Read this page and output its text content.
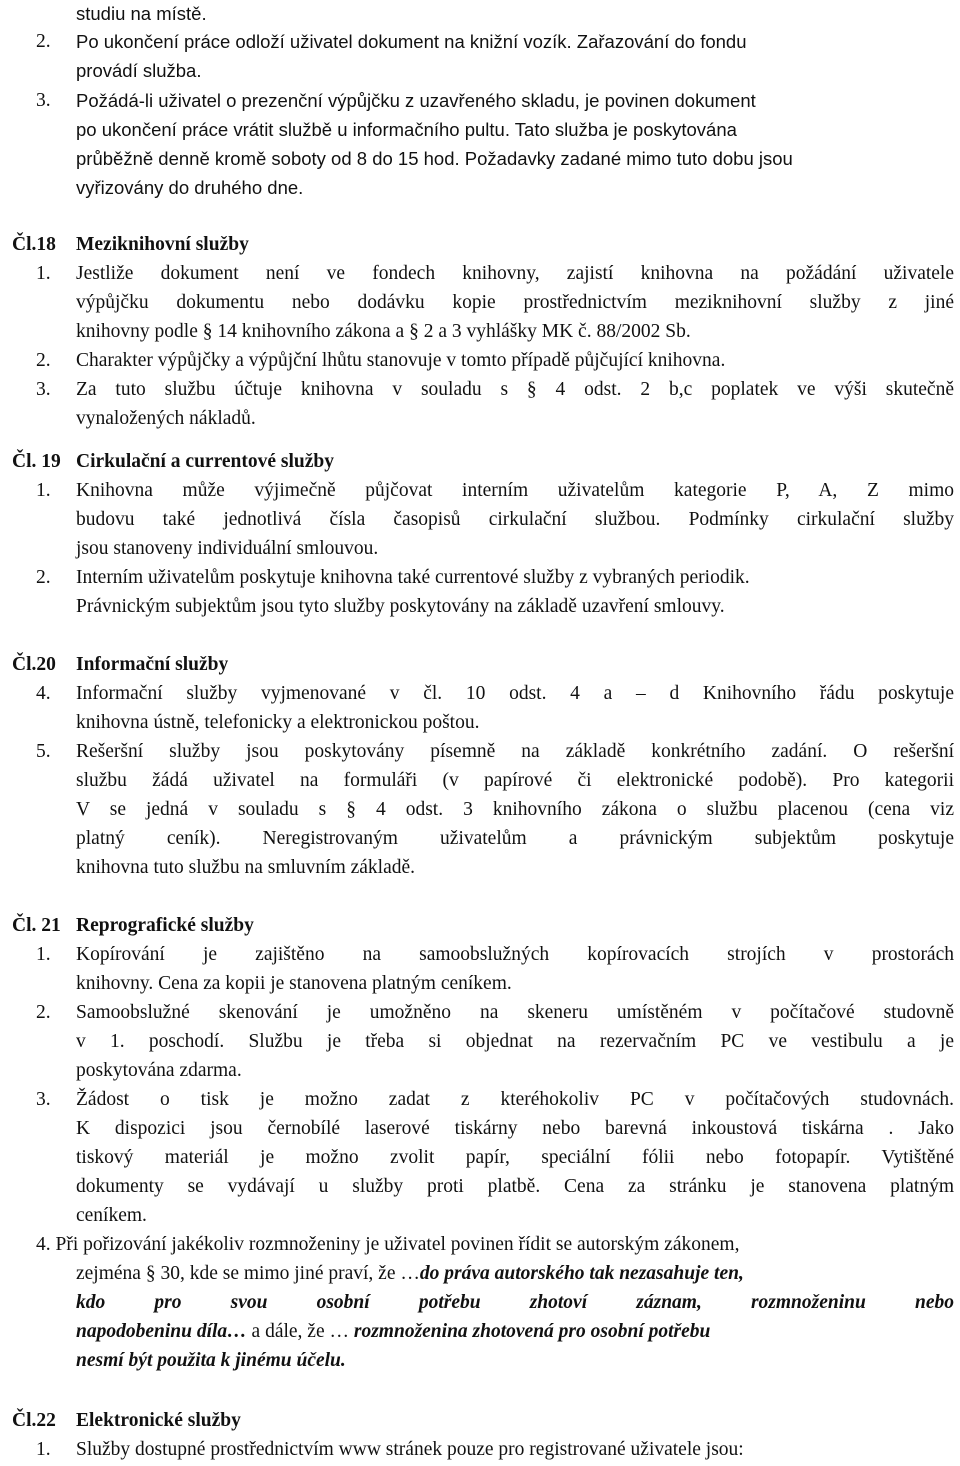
studiu na místě.
2. Po ukončení práce odloží uživatel dokument na knižní vozík. Zařazování do fondu
provádí služba.
3. Požádá-li uživatel o prezenční výpůjčku z uzavřeného skladu, je povinen dokument
po ukončení práce vrátit službě u informačního pultu. Tato služba je poskytována
průběžně denně kromě soboty od 8 do 15 hod. Požadavky zadané mimo tuto dobu jsou
vyřizovány do druhého dne.
Čl.18 Meziknihovní služby
1. Jestliže dokument není ve fondech knihovny, zajistí knihovna na požádání uživatele
výpůjčku dokumentu nebo dodávku kopie prostřednictvím meziknihovní služby z jiné
knihovny podle § 14 knihovního zákona a § 2 a 3 vyhlášky MK č. 88/2002 Sb.
2. Charakter výpůjčky a výpůjční lhůtu stanovuje v tomto případě půjčující knihovna.
3. Za tuto službu účtuje knihovna v souladu s § 4 odst. 2 b,c poplatek ve výši skutečně
vynaložených nákladů.
Čl. 19 Cirkulační a currentové služby
1. Knihovna může výjimečně půjčovat interním uživatelům kategorie P, A, Z mimo
budovu také jednotlivá čísla časopisů cirkulační službou. Podmínky cirkulační služby
jsou stanoveny individuální smlouvou.
2. Interním uživatelům poskytuje knihovna také currentové služby z vybraných periodik.
Právnickým subjektům jsou tyto služby poskytovány na základě uzavření smlouvy.
Čl.20 Informační služby
4. Informační služby vyjmenované v čl. 10 odst. 4 a – d Knihovního řádu poskytuje
knihovna ústně, telefonicky a elektronickou poštou.
5. Rešeršní služby jsou poskytovány písemně na základě konkrétního zadání. O rešeršní
službu žádá uživatel na formuláři (v papírové či elektronické podobě). Pro kategorii
V se jedná v souladu s § 4 odst. 3 knihovního zákona o službu placenou (cena viz
platný ceník). Neregistrovaným uživatelům a právnickým subjektům poskytuje
knihovna tuto službu na smluvním základě.
Čl. 21 Reprografické služby
1. Kopírování je zajištěno na samoobslužných kopírovacích strojích v prostorách
knihovny. Cena za kopii je stanovena platným ceníkem.
2. Samoobslužné skenování je umožněno na skeneru umístěném v počítačové studovně
v 1. poschodí. Službu je třeba si objednat na rezervačním PC ve vestibulu a je
poskytována zdarma.
3. Žádost o tisk je možno zadat z kteréhokoliv PC v počítačových studovnách.
K dispozici jsou černobílé laserové tiskárny nebo barevná inkoustová tiskárna . Jako
tiskový materiál je možno zvolit papír, speciální fólii nebo fotopapír. Vytištěné
dokumenty se vydávají u služby proti platbě. Cena za stránku je stanovena platným
ceníkem.
4. Při pořizování jakékoliv rozmnoženiny je uživatel povinen řídit se autorským zákonem,
zejména § 30, kde se mimo jiné praví, že …do práva autorského tak nezasahuje ten,
kdo pro svou osobní potřebu zhotoví záznam, rozmnoženinu nebo
napodobeninu díla… a dále, že … rozmnoženina zhotovená pro osobní potřebu
nesmí být použita k jinému účelu.
Čl.22 Elektronické služby
1. Služby dostupné prostřednictvím www stránek pouze pro registrované uživatele jsou:
